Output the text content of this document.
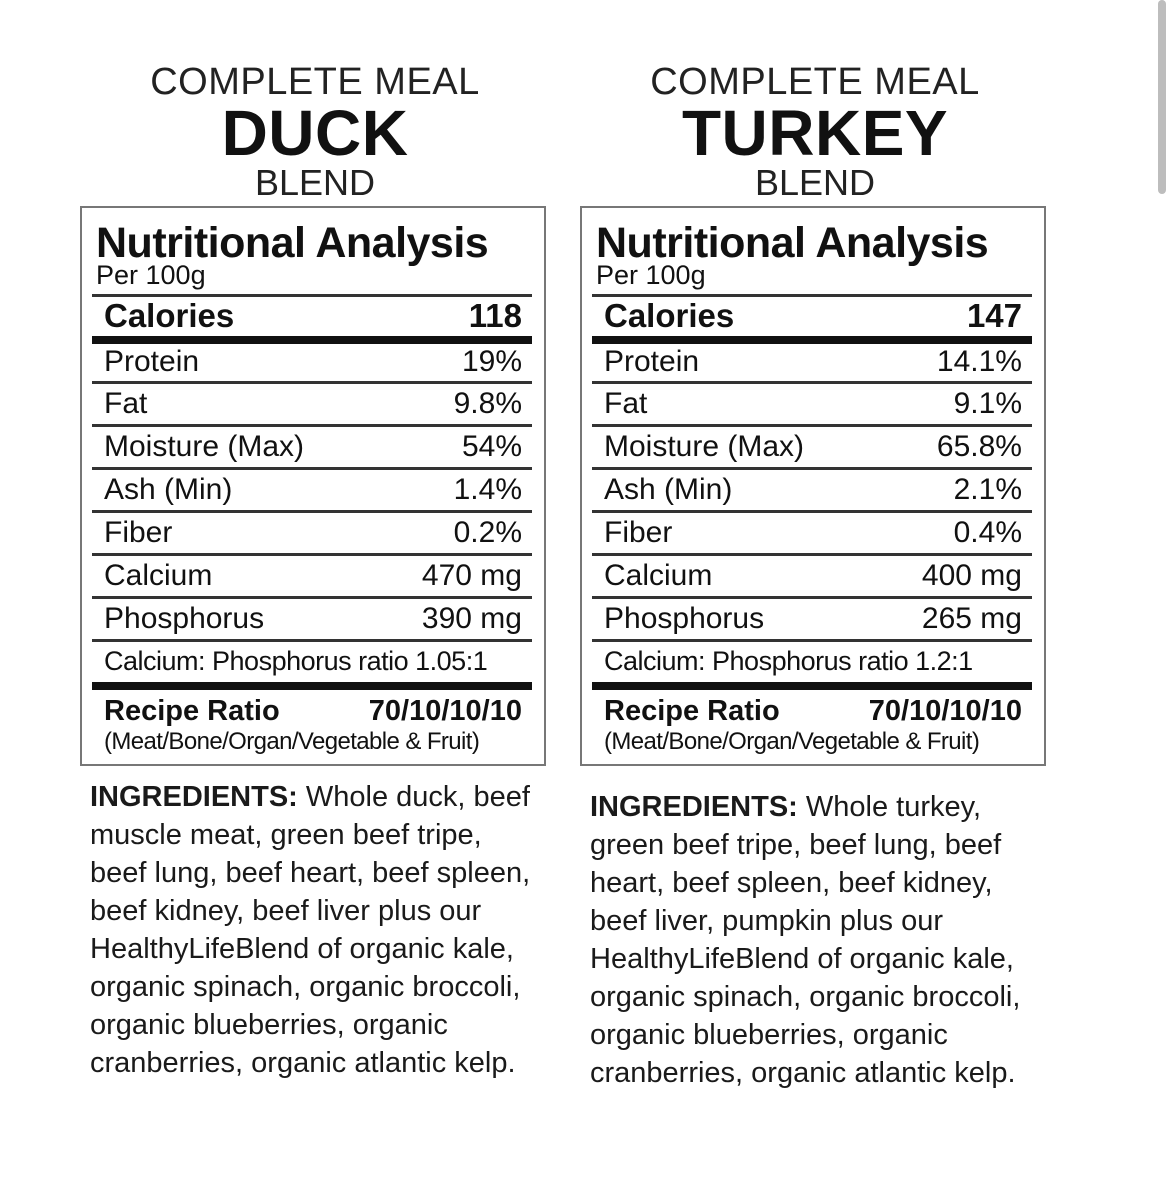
COMPLETE MEAL
DUCK
BLEND
Nutritional Analysis
Per 100g
Calories	118
Protein	19%
Fat	9.8%
Moisture (Max)	54%
Ash (Min)	1.4%
Fiber	0.2%
Calcium	470 mg
Phosphorus	390 mg
Calcium: Phosphorus ratio 1.05:1
Recipe Ratio	70/10/10/10
(Meat/Bone/Organ/Vegetable & Fruit)
INGREDIENTS: Whole duck, beef muscle meat, green beef tripe, beef lung, beef heart, beef spleen, beef kidney, beef liver plus our HealthyLifeBlend of organic kale, organic spinach, organic broccoli, organic blueberries, organic cranberries, organic atlantic kelp.
COMPLETE MEAL
TURKEY
BLEND
Nutritional Analysis
Per 100g
Calories	147
Protein	14.1%
Fat	9.1%
Moisture (Max)	65.8%
Ash (Min)	2.1%
Fiber	0.4%
Calcium	400 mg
Phosphorus	265 mg
Calcium: Phosphorus ratio 1.2:1
Recipe Ratio	70/10/10/10
(Meat/Bone/Organ/Vegetable & Fruit)
INGREDIENTS: Whole turkey, green beef tripe, beef lung, beef heart, beef spleen, beef kidney, beef liver, pumpkin plus our HealthyLifeBlend of organic kale, organic spinach, organic broccoli, organic blueberries, organic cranberries, organic atlantic kelp.
